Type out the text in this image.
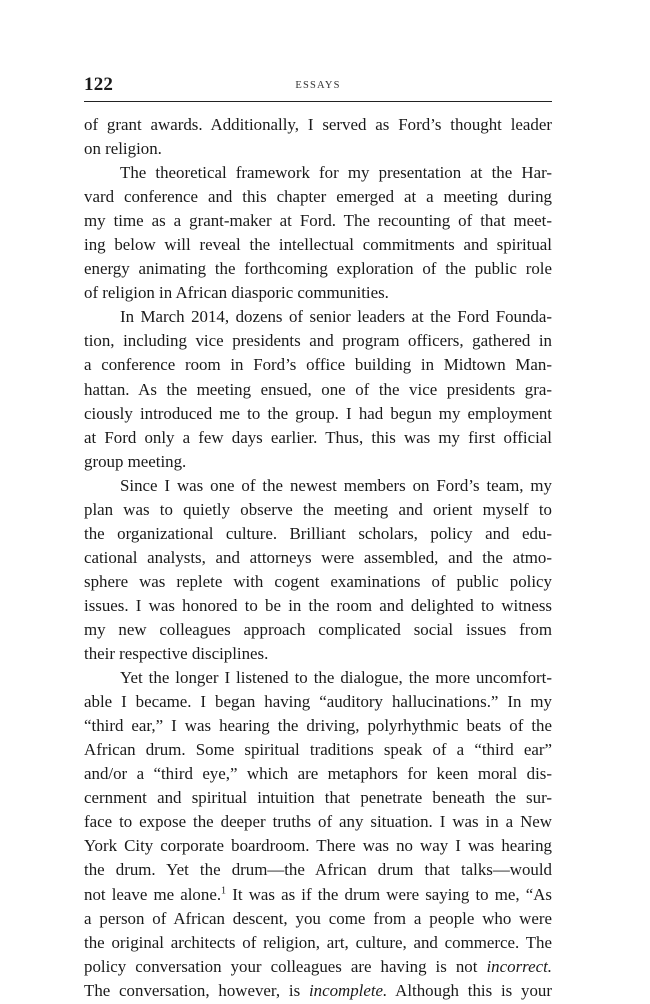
122	ESSAYS

of grant awards. Additionally, I served as Ford’s thought leader
on religion.

The theoretical framework for my presentation at the Har-
vard conference and this chapter emerged at a meeting during
my time as a grant-maker at Ford. The recounting of that meet-
ing below will reveal the intellectual commitments and spiritual
energy animating the forthcoming exploration of the public role
of religion in African diasporic communities.

In March 2014, dozens of senior leaders at the Ford Founda-
tion, including vice presidents and program officers, gathered in
a conference room in Ford’s office building in Midtown Man-
hattan. As the meeting ensued, one of the vice presidents gra-
ciously introduced me to the group. I had begun my employment
at Ford only a few days earlier. Thus, this was my first official
group meeting.

Since I was one of the newest members on Ford’s team, my
plan was to quietly observe the meeting and orient myself to
the organizational culture. Brilliant scholars, policy and edu-
cational analysts, and attorneys were assembled, and the atmo-
sphere was replete with cogent examinations of public policy
issues. I was honored to be in the room and delighted to witness
my new colleagues approach complicated social issues from
their respective disciplines.

Yet the longer I listened to the dialogue, the more uncomfort-
able I became. I began having “auditory hallucinations.” In my
“third ear,” I was hearing the driving, polyrhythmic beats of the
African drum. Some spiritual traditions speak of a “third ear”
and/or a “third eye,” which are metaphors for keen moral dis-
cernment and spiritual intuition that penetrate beneath the sur-
face to expose the deeper truths of any situation. I was in a New
York City corporate boardroom. There was no way I was hearing
the drum. Yet the drum—the African drum that talks—would
not leave me alone.$^1$ It was as if the drum were saying to me, “As
a person of African descent, you come from a people who were
the original architects of religion, art, culture, and commerce. The
policy conversation your colleagues are having is not incorrect.
The conversation, however, is incomplete. Although this is your
